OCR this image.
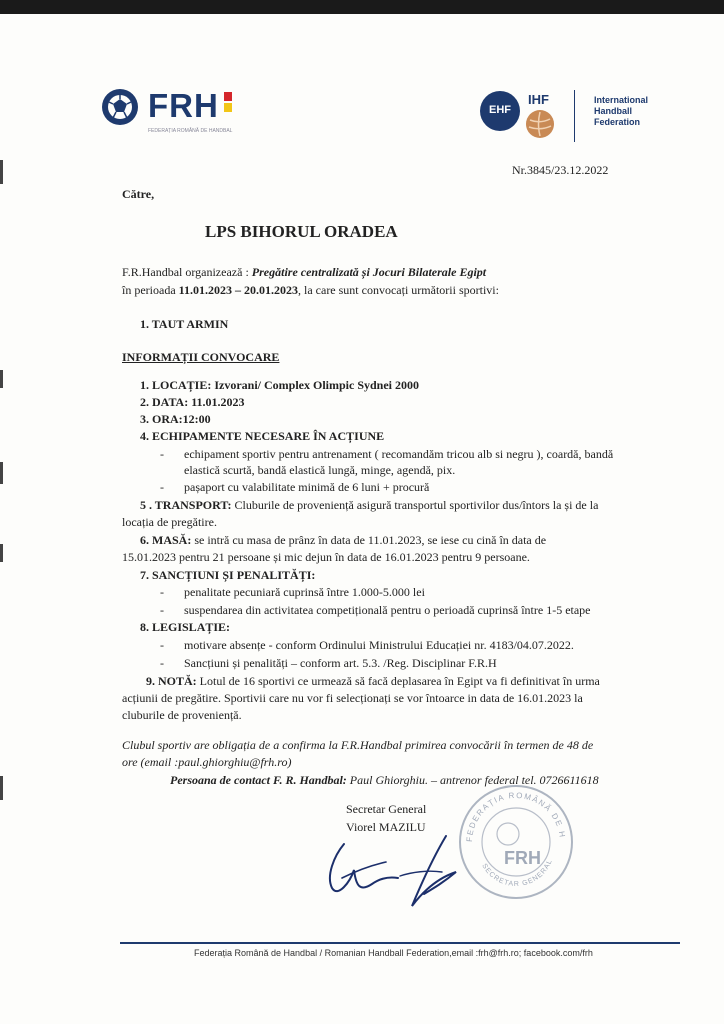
FRH
FEDERAȚIA ROMÂNĂ DE HANDBAL
EHF
IHF	International
Handball
Federation
Nr.3845/23.12.2022
Către,
LPS BIHORUL ORADEA
F.R.Handbal organizează : Pregătire centralizată și Jocuri Bilaterale Egipt
în perioada 11.01.2023 – 20.01.2023, la care sunt convocați următorii sportivi:
1. TAUT ARMIN
INFORMAȚII CONVOCARE
1. LOCAȚIE: Izvorani/ Complex Olimpic Sydnei 2000
2. DATA: 11.01.2023
3. ORA:12:00
4. ECHIPAMENTE NECESARE ÎN ACȚIUNE
- echipament sportiv pentru antrenament ( recomandăm tricou alb si negru ), coardă, bandă
elastică scurtă, bandă elastică lungă, minge, agendă, pix.
- pașaport cu valabilitate minimă de 6 luni + procură
5 . TRANSPORT: Cluburile de proveniență asigură transportul sportivilor dus/întors la și de la
locația de pregătire.
6. MASĂ: se intră cu masa de prânz în data de 11.01.2023, se iese cu cină în data de
15.01.2023 pentru 21 persoane și mic dejun în data de 16.01.2023 pentru 9 persoane.
7. SANCȚIUNI ȘI PENALITĂȚI:
- penalitate pecuniară cuprinsă între 1.000-5.000 lei
- suspendarea din activitatea competițională pentru o perioadă cuprinsă între 1-5 etape
8. LEGISLAȚIE:
- motivare absențe - conform Ordinului Ministrului Educației nr. 4183/04.07.2022.
- Sancțiuni și penalități – conform art. 5.3. /Reg. Disciplinar F.R.H
9. NOTĂ: Lotul de 16 sportivi ce urmează să facă deplasarea în Egipt va fi definitivat în urma
acțiunii de pregătire. Sportivii care nu vor fi selecționați se vor întoarce in data de 16.01.2023 la
cluburile de proveniență.
Clubul sportiv are obligația de a confirma la F.R.Handbal primirea convocării în termen de 48 de
ore (email :paul.ghiorghiu@frh.ro)
Persoana de contact F. R. Handbal: Paul Ghiorghiu. – antrenor federal tel. 0726611618
Secretar General
Viorel MAZILU
FEDERAȚIA ROMÂNĂ DE H
SECRETAR GENERAL
FRH
Federația Română de Handbal / Romanian Handball Federation,email :frh@frh.ro; facebook.com/frh
